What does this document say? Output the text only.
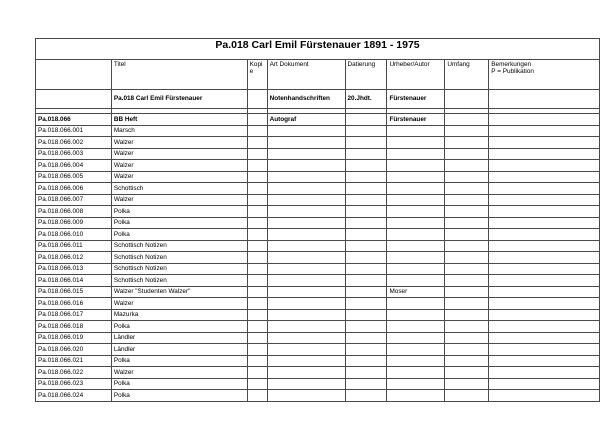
Pa.018 Carl Emil Fürstenauer 1891 - 1975							
	Titel	Kopie	Art Dokument	Datierung	Urheber/Autor	Umfang	Bemerkungen
P = Publikation
	Pa.018 Carl Emil Fürstenauer		Notenhandschriften	20.Jhdt.	Fürstenauer		

Pa.018.066	BB Heft		Autograf		Fürstenauer		
Pa.018.066.001	Marsch						
Pa.018.066.002	Walzer						
Pa.018.066.003	Walzer						
Pa.018.066.004	Walzer						
Pa.018.066.005	Walzer						
Pa.018.066.006	Schottisch						
Pa.018.066.007	Walzer						
Pa.018.066.008	Polka						
Pa.018.066.009	Polka						
Pa.018.066.010	Polka						
Pa.018.066.011	Schottisch Notizen						
Pa.018.066.012	Schottisch Notizen						
Pa.018.066.013	Schottisch Notizen						
Pa.018.066.014	Schottisch Notizen						
Pa.018.066.015	Walzer "Studenten Walzer"				Moser		
Pa.018.066.016	Walzer						
Pa.018.066.017	Mazurka						
Pa.018.066.018	Polka						
Pa.018.066.019	Ländler						
Pa.018.066.020	Ländler						
Pa.018.066.021	Polka						
Pa.018.066.022	Walzer						
Pa.018.066.023	Polka						
Pa.018.066.024	Polka						
